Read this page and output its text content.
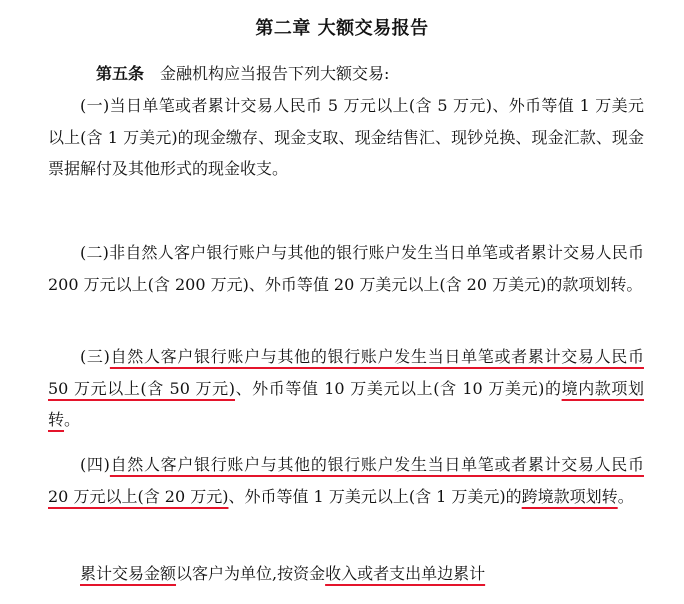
第二章 大额交易报告

第五条 金融机构应当报告下列大额交易:

(一)当日单笔或者累计交易人民币 5 万元以上(含 5 万元)、外币等值 1 万美元以上(含 1 万美元)的现金缴存、现金支取、现金结售汇、现钞兑换、现金汇款、现金票据解付及其他形式的现金收支。

(二)非自然人客户银行账户与其他的银行账户发生当日单笔或者累计交易人民币 200 万元以上(含 200 万元)、外币等值 20 万美元以上(含 20 万美元)的款项划转。

(三)自然人客户银行账户与其他的银行账户发生当日单笔或者累计交易人民币 50 万元以上(含 50 万元)、外币等值 10 万美元以上(含 10 万美元)的境内款项划转。

(四)自然人客户银行账户与其他的银行账户发生当日单笔或者累计交易人民币 20 万元以上(含 20 万元)、外币等值 1 万美元以上(含 1 万美元)的跨境款项划转。

累计交易金额以客户为单位,按资金收入或者支出单边累计
